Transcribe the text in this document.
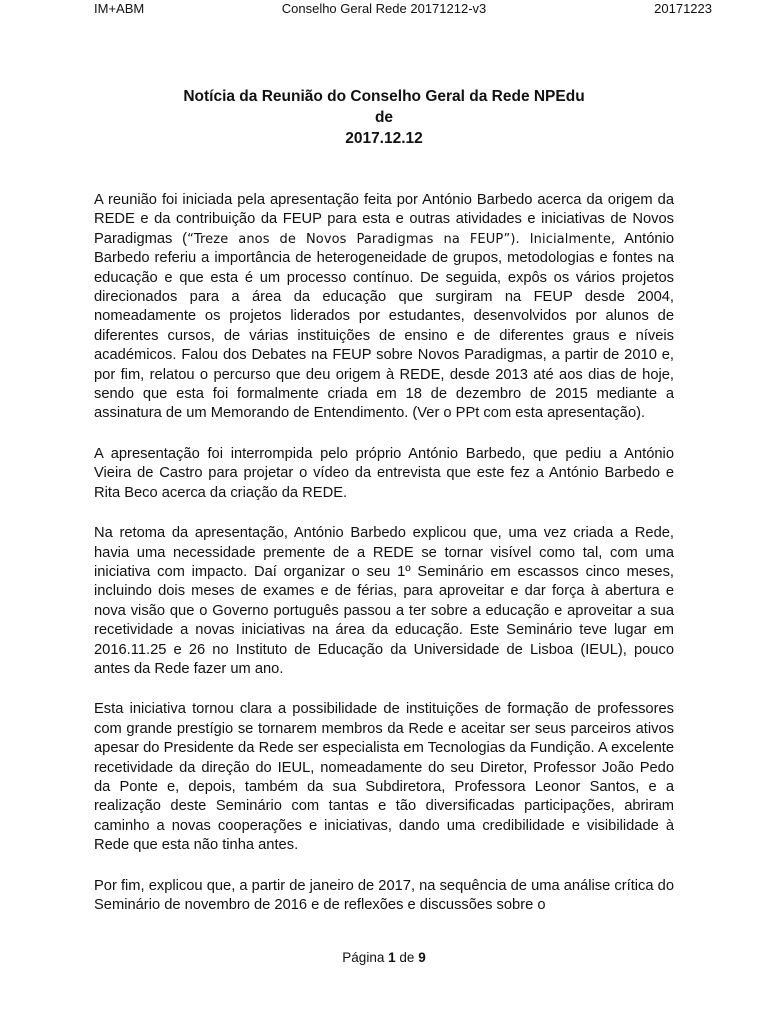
Conselho Geral Rede 20171212-v3
IM+ABM	20171223
Notícia da Reunião do Conselho Geral da Rede NPEdu
de
2017.12.12

A reunião foi iniciada pela apresentação feita por António Barbedo acerca da origem da REDE e da contribuição da FEUP para esta e outras atividades e iniciativas de Novos Paradigmas (“Treze anos de Novos Paradigmas na FEUP”). Inicialmente, António Barbedo referiu a importância de heterogeneidade de grupos, metodologias e fontes na educação e que esta é um processo contínuo. De seguida, expôs os vários projetos direcionados para a área da educação que surgiram na FEUP desde 2004, nomeadamente os projetos liderados por estudantes, desenvolvidos por alunos de diferentes cursos, de várias instituições de ensino e de diferentes graus e níveis académicos. Falou dos Debates na FEUP sobre Novos Paradigmas, a partir de 2010 e, por fim, relatou o percurso que deu origem à REDE, desde 2013 até aos dias de hoje, sendo que esta foi formalmente criada em 18 de dezembro de 2015 mediante a assinatura de um Memorando de Entendimento. (Ver o PPt com esta apresentação).

A apresentação foi interrompida pelo próprio António Barbedo, que pediu a António Vieira de Castro para projetar o vídeo da entrevista que este fez a António Barbedo e Rita Beco acerca da criação da REDE.

Na retoma da apresentação, António Barbedo explicou que, uma vez criada a Rede, havia uma necessidade premente de a REDE se tornar visível como tal, com uma iniciativa com impacto. Daí organizar o seu 1º Seminário em escassos cinco meses, incluindo dois meses de exames e de férias, para aproveitar e dar força à abertura e nova visão que o Governo português passou a ter sobre a educação e aproveitar a sua recetividade a novas iniciativas na área da educação. Este Seminário teve lugar em 2016.11.25 e 26 no Instituto de Educação da Universidade de Lisboa (IEUL), pouco antes da Rede fazer um ano.

Esta iniciativa tornou clara a possibilidade de instituições de formação de professores com grande prestígio se tornarem membros da Rede e aceitar ser seus parceiros ativos apesar do Presidente da Rede ser especialista em Tecnologias da Fundição. A excelente recetividade da direção do IEUL, nomeadamente do seu Diretor, Professor João Pedo da Ponte e, depois, também da sua Subdiretora, Professora Leonor Santos, e a realização deste Seminário com tantas e tão diversificadas participações, abriram caminho a novas cooperações e iniciativas, dando uma credibilidade e visibilidade à Rede que esta não tinha antes.

Por fim, explicou que, a partir de janeiro de 2017, na sequência de uma análise crítica do Seminário de novembro de 2016 e de reflexões e discussões sobre o

Página 1 de 9
